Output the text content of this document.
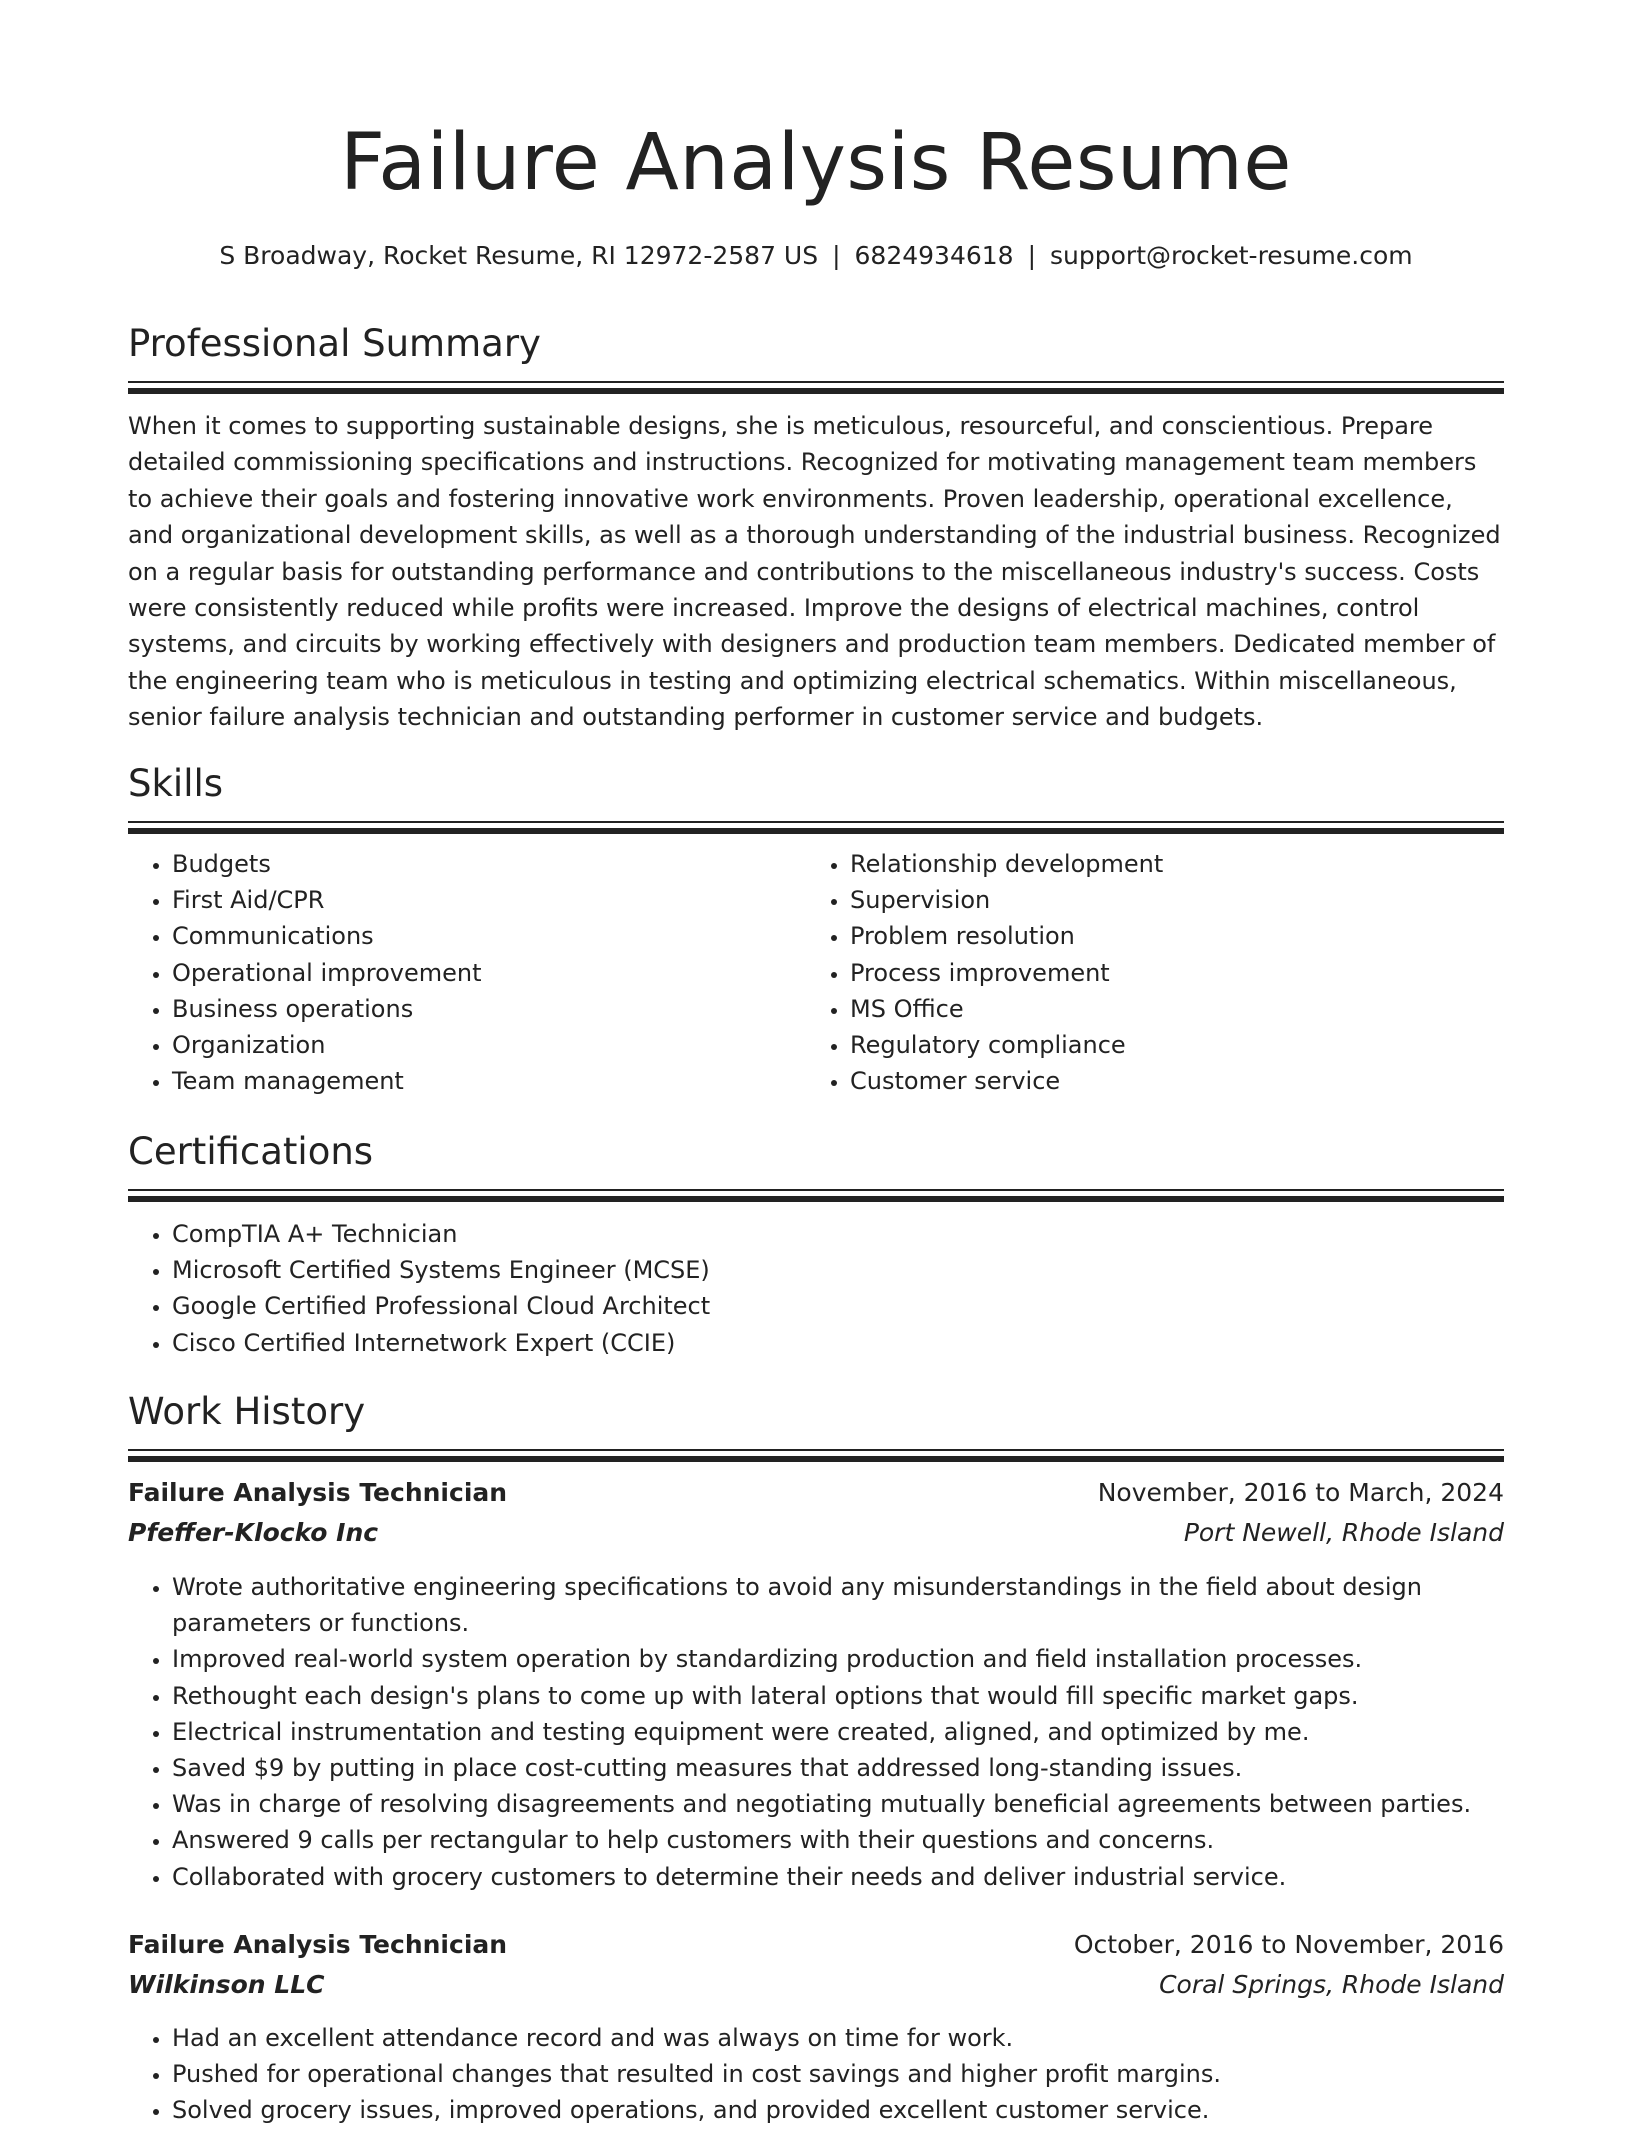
Failure Analysis Resume
S Broadway, Rocket Resume, RI 12972-2587 US | 6824934618 | support@rocket-resume.com
Professional Summary

When it comes to supporting sustainable designs, she is meticulous, resourceful, and conscientious. Prepare detailed commissioning specifications and instructions. Recognized for motivating management team members to achieve their goals and fostering innovative work environments. Proven leadership, operational excellence, and organizational development skills, as well as a thorough understanding of the industrial business. Recognized on a regular basis for outstanding performance and contributions to the miscellaneous industry's success. Costs were consistently reduced while profits were increased. Improve the designs of electrical machines, control systems, and circuits by working effectively with designers and production team members. Dedicated member of the engineering team who is meticulous in testing and optimizing electrical schematics. Within miscellaneous, senior failure analysis technician and outstanding performer in customer service and budgets.

Skills
• Budgets
• First Aid/CPR
• Communications
• Operational improvement
• Business operations
• Organization
• Team management
• Relationship development
• Supervision
• Problem resolution
• Process improvement
• MS Office
• Regulatory compliance
• Customer service
Certifications
• CompTIA A+ Technician
• Microsoft Certified Systems Engineer (MCSE)
• Google Certified Professional Cloud Architect
• Cisco Certified Internetwork Expert (CCIE)
Work History
Failure Analysis Technician	November, 2016 to March, 2024
Pfeffer-Klocko Inc	Port Newell, Rhode Island
• Wrote authoritative engineering specifications to avoid any misunderstandings in the field about design parameters or functions.
• Improved real-world system operation by standardizing production and field installation processes.
• Rethought each design's plans to come up with lateral options that would fill specific market gaps.
• Electrical instrumentation and testing equipment were created, aligned, and optimized by me.
• Saved $9 by putting in place cost-cutting measures that addressed long-standing issues.
• Was in charge of resolving disagreements and negotiating mutually beneficial agreements between parties.
• Answered 9 calls per rectangular to help customers with their questions and concerns.
• Collaborated with grocery customers to determine their needs and deliver industrial service.
Failure Analysis Technician	October, 2016 to November, 2016
Wilkinson LLC	Coral Springs, Rhode Island
• Had an excellent attendance record and was always on time for work.
• Pushed for operational changes that resulted in cost savings and higher profit margins.
• Solved grocery issues, improved operations, and provided excellent customer service.
